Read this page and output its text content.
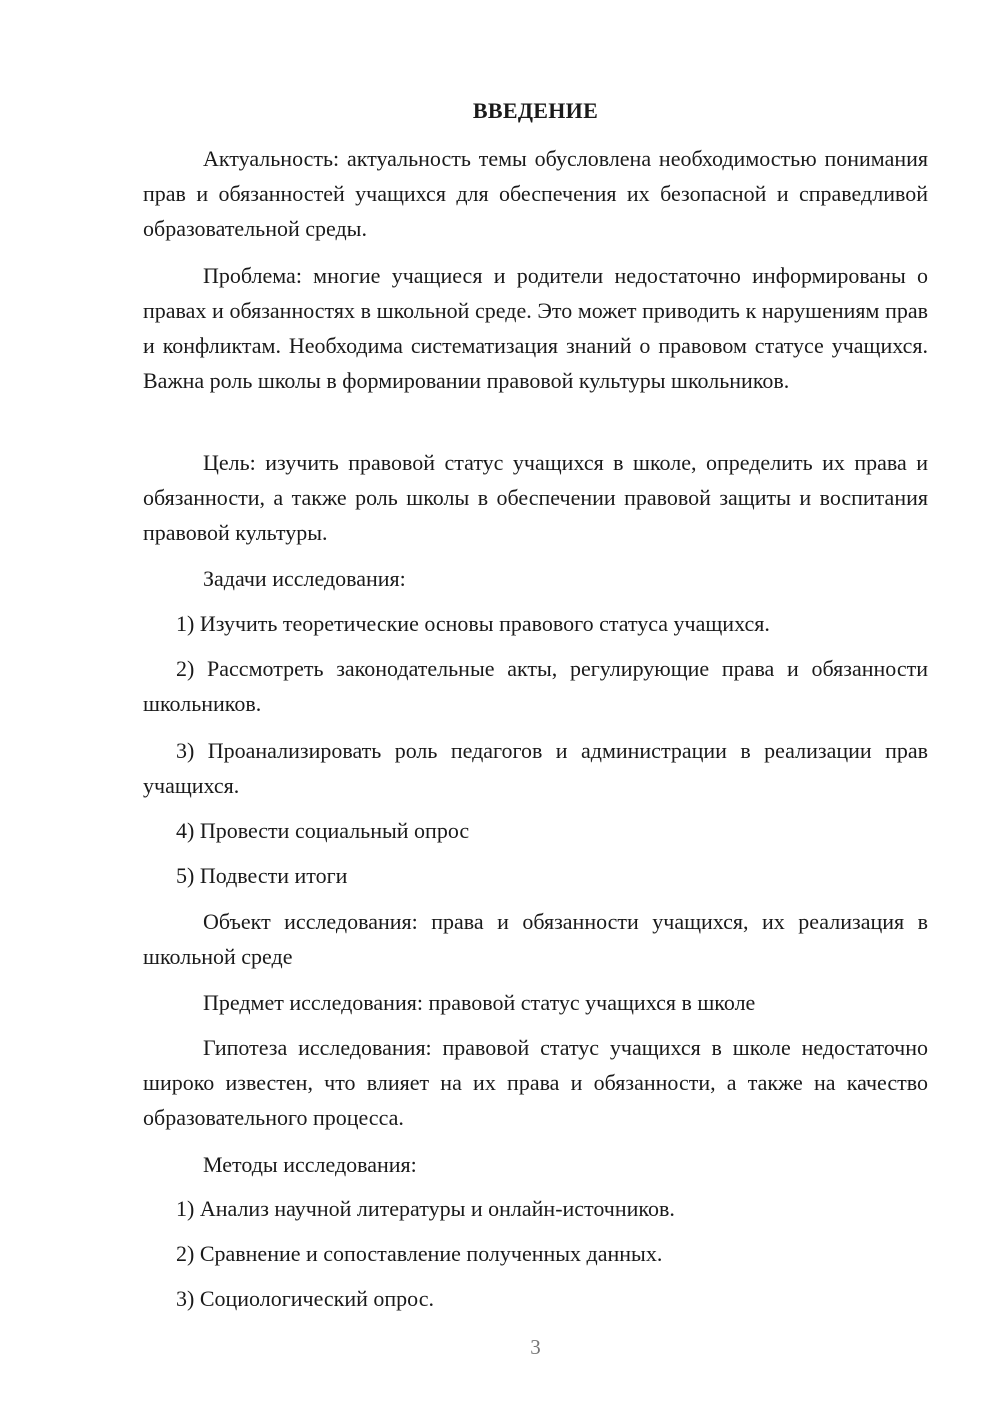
ВВЕДЕНИЕ

Актуальность: актуальность темы обусловлена необходимостью понимания прав и обязанностей учащихся для обеспечения их безопасной и справедливой образовательной среды.

Проблема: многие учащиеся и родители недостаточно информированы о правах и обязанностях в школьной среде. Это может приводить к нарушениям прав и конфликтам. Необходима систематизация знаний о правовом статусе учащихся. Важна роль школы в формировании правовой культуры школьников.

Цель: изучить правовой статус учащихся в школе, определить их права и обязанности, а также роль школы в обеспечении правовой защиты и воспитания правовой культуры.

Задачи исследования:

1) Изучить теоретические основы правового статуса учащихся.

2) Рассмотреть законодательные акты, регулирующие права и обязанности школьников.

3) Проанализировать роль педагогов и администрации в реализации прав учащихся.

4) Провести социальный опрос

5) Подвести итоги

Объект исследования: права и обязанности учащихся, их реализация в школьной среде

Предмет исследования: правовой статус учащихся в школе

Гипотеза исследования: правовой статус учащихся в школе недостаточно широко известен, что влияет на их права и обязанности, а также на качество образовательного процесса.

Методы исследования:

1) Анализ научной литературы и онлайн-источников.

2) Сравнение и сопоставление полученных данных.

3) Социологический опрос.

3
